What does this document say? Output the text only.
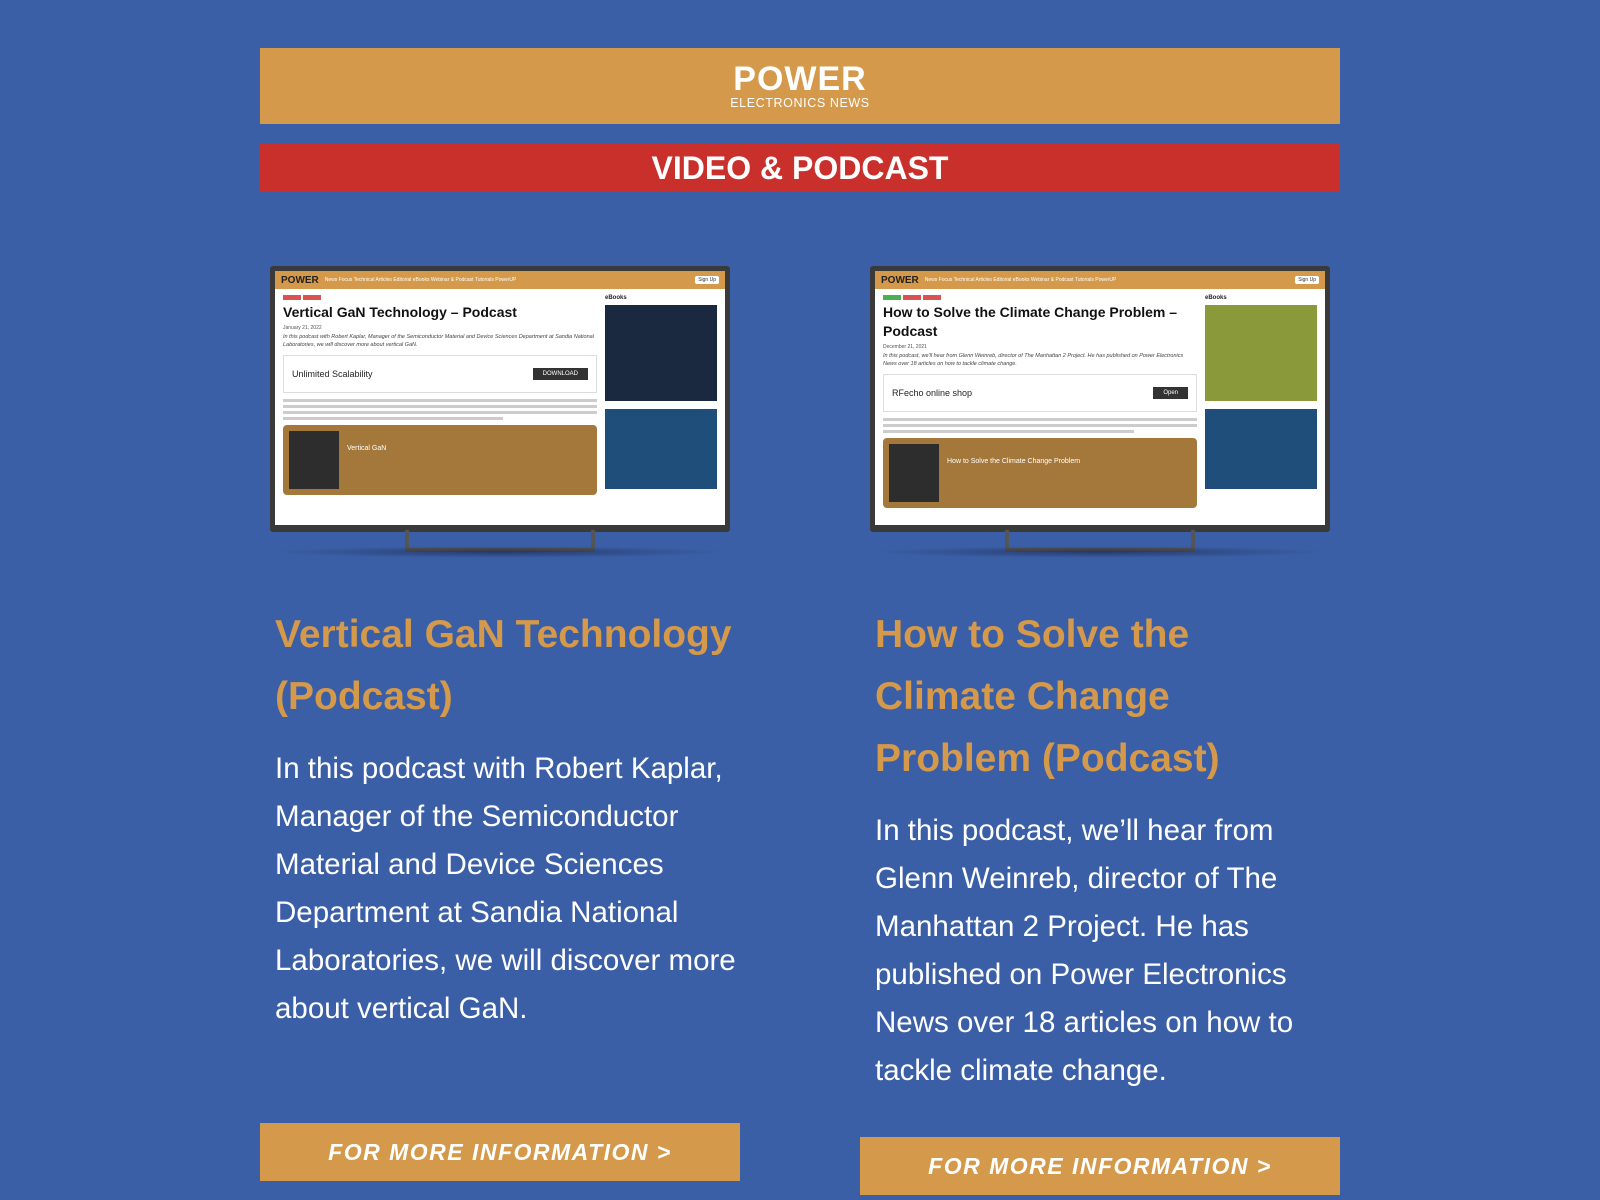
POWER
ELECTRONICS NEWS
VIDEO & PODCAST
POWER News Focus Technical Articles Editorial eBooks Webinar & Podcast Tutorials PowerUP	Sign Up
Vertical GaN Technology – Podcast
January 21, 2022
In this podcast with Robert Kaplar, Manager of the Semiconductor Material and Device Sciences Department at Sandia National Laboratories, we will discover more about vertical GaN.
Unlimited Scalability	DOWNLOAD
Vertical GaN
eBooks
POWER News Focus Technical Articles Editorial eBooks Webinar & Podcast Tutorials PowerUP	Sign Up
How to Solve the Climate Change Problem – Podcast
December 21, 2021
In this podcast, we'll hear from Glenn Weinreb, director of The Manhattan 2 Project. He has published on Power Electronics News over 18 articles on how to tackle climate change.
RFecho online shop	Open
How to Solve the Climate Change Problem
eBooks
Vertical GaN Technology (Podcast)

In this podcast with Robert Kaplar, Manager of the Semiconductor Material and Device Sciences Department at Sandia National Laboratories, we will discover more about vertical GaN.

FOR MORE INFORMATION >
How to Solve the Climate Change Problem (Podcast)

In this podcast, we’ll hear from Glenn Weinreb, director of The Manhattan 2 Project. He has published on Power Electronics News over 18 articles on how to tackle climate change.

FOR MORE INFORMATION >
